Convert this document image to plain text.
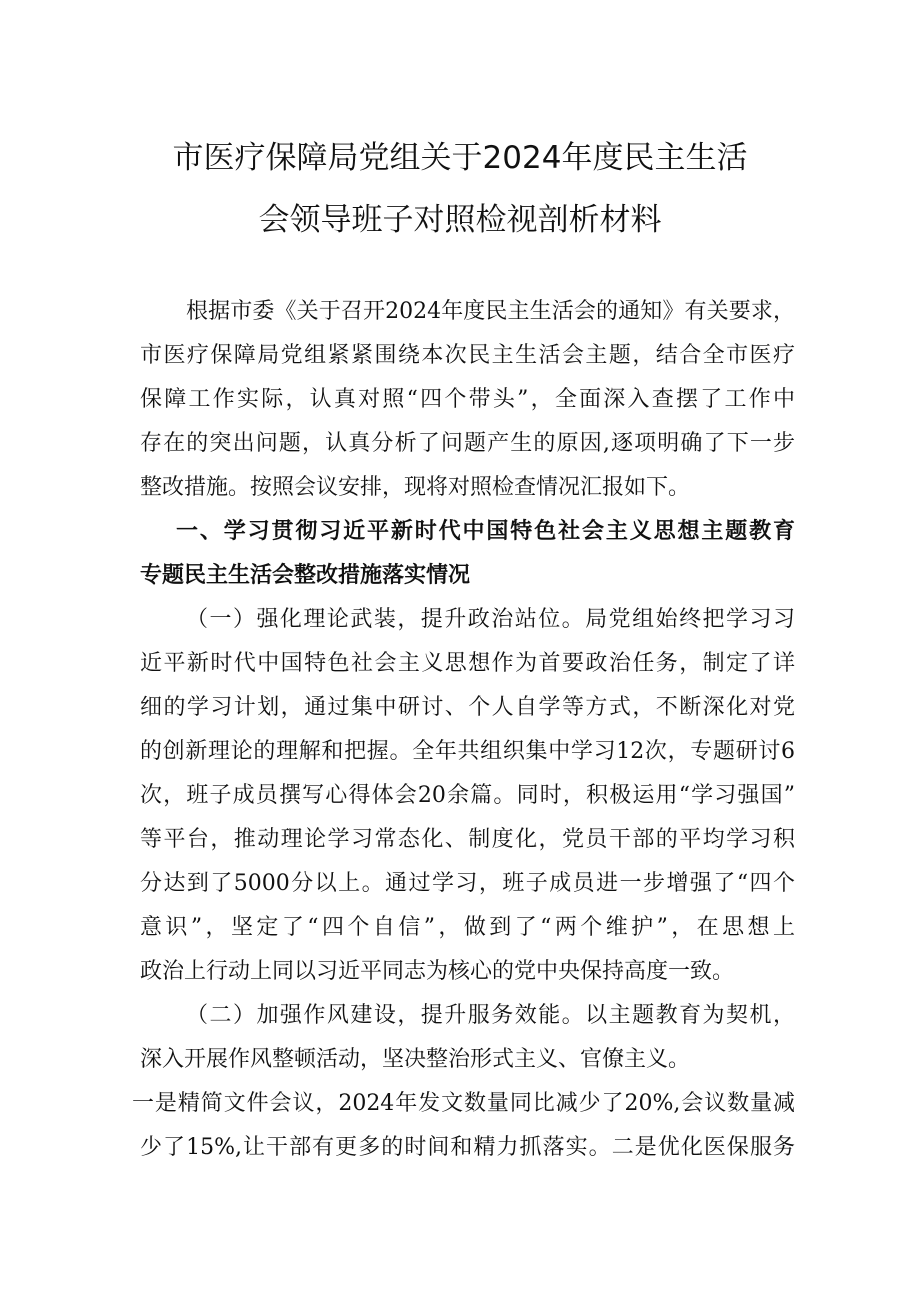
市医疗保障局党组关于2024年度民主生活
会领导班子对照检视剖析材料
根据市委《关于召开2024年度民主生活会的通知》有关要求，
市医疗保障局党组紧紧围绕本次民主生活会主题，结合全市医疗
保障工作实际，认真对照“四个带头”，全面深入查摆了工作中
存在的突出问题，认真分析了问题产生的原因,逐项明确了下一步
整改措施。按照会议安排，现将对照检查情况汇报如下。
一、学习贯彻习近平新时代中国特色社会主义思想主题教育
专题民主生活会整改措施落实情况
（一）强化理论武装，提升政治站位。局党组始终把学习习
近平新时代中国特色社会主义思想作为首要政治任务，制定了详
细的学习计划，通过集中研讨、个人自学等方式，不断深化对党
的创新理论的理解和把握。全年共组织集中学习12次，专题研讨6
次，班子成员撰写心得体会20余篇。同时，积极运用“学习强国”
等平台，推动理论学习常态化、制度化，党员干部的平均学习积
分达到了5000分以上。通过学习，班子成员进一步增强了“四个
意识”，坚定了“四个自信”，做到了“两个维护”，在思想上
政治上行动上同以习近平同志为核心的党中央保持高度一致。
（二）加强作风建设，提升服务效能。以主题教育为契机，
深入开展作风整顿活动，坚决整治形式主义、官僚主义。
一是精简文件会议，2024年发文数量同比减少了20%,会议数量减
少了15%,让干部有更多的时间和精力抓落实。二是优化医保服务
